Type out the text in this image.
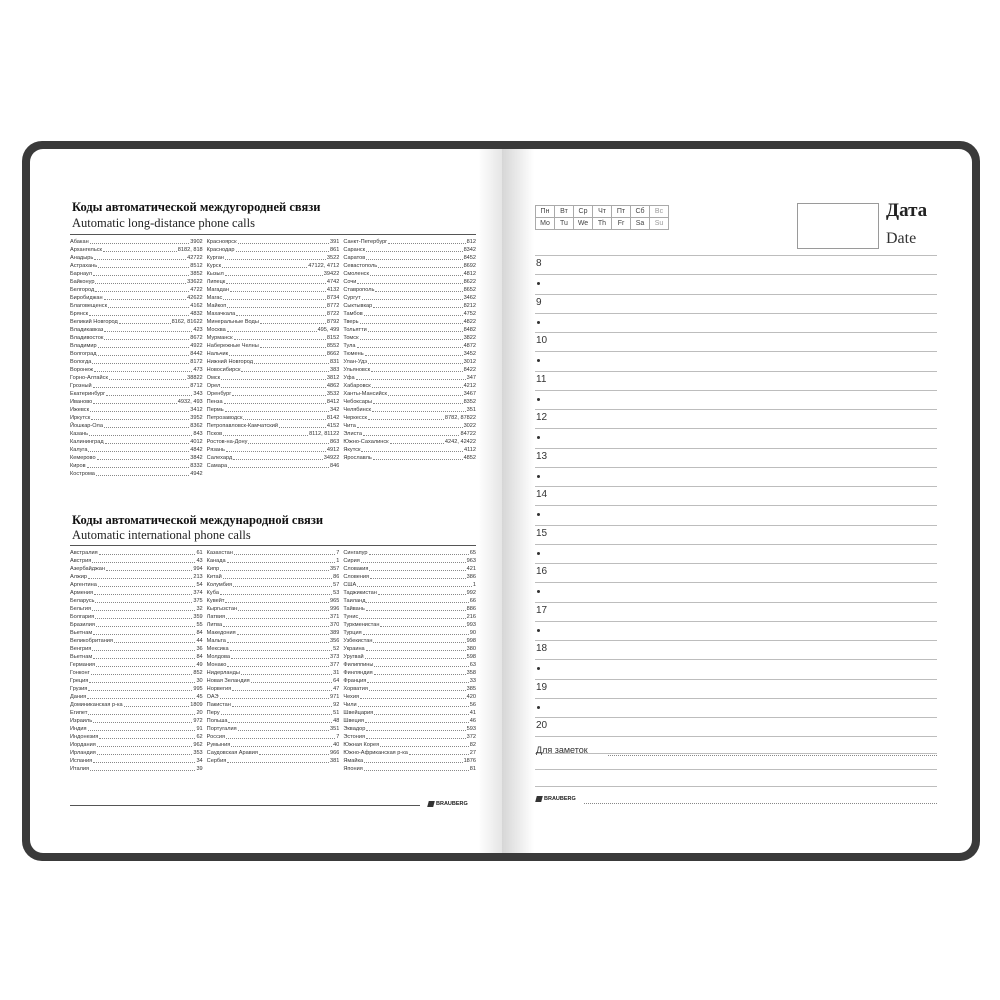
Коды автоматической междугородней связи
Automatic long-distance phone calls
Абакан	3902
Архангельск	8182, 818
Анадырь	42722
Астрахань	8512
Барнаул	3852
Байконур	33622
Белгород	4722
Биробиджан	42622
Благовещенск	4162
Брянск	4832
Великий Новгород	8162, 81622
Владикавказ	423
Владивосток	8672
Владимир	4922
Волгоград	8442
Вологда	8172
Воронеж	473
Горно-Алтайск	38822
Грозный	8712
Екатеринбург	343
Иваново	4932, 493
Ижевск	3412
Иркутск	3952
Йошкар-Ола	8362
Казань	843
Калининград	4012
Калуга	4842
Кемерово	3842
Киров	8332
Кострома	4942
Красноярск	391
Краснодар	861
Курган	3522
Курск	47122, 4712
Кызыл	39422
Липецк	4742
Магадан	4132
Магас	8734
Майкоп	8772
Махачкала	8722
Минеральные Воды	8792
Москва	495, 499
Мурманск	8152
Набережные Челны	8552
Нальчик	8662
Нижний Новгород	831
Новосибирск	383
Омск	3812
Орел	4862
Оренбург	3532
Пенза	8412
Пермь	342
Петрозаводск	8142
Петропавловск-Камчатский	4152
Псков	8112, 81122
Ростов-на-Дону	863
Рязань	4912
Салехард	34922
Самара	846
Санкт-Петербург	812
Саранск	8342
Саратов	8452
Севастополь	8692
Смоленск	4812
Сочи	8622
Ставрополь	8652
Сургут	3462
Сыктывкар	8212
Тамбов	4752
Тверь	4822
Тольятти	8482
Томск	3822
Тула	4872
Тюмень	3452
Улан-Удэ	3012
Ульяновск	8422
Уфа	347
Хабаровск	4212
Ханты-Мансийск	3467
Чебоксары	8352
Челябинск	351
Черкесск	8782, 87822
Чита	3022
Элиста	84722
Южно-Сахалинск	4242, 42422
Якутск	4112
Ярославль	4852
Коды автоматической международной связи
Automatic international phone calls
Австралия	61
Австрия	43
Азербайджан	994
Алжир	213
Аргентина	54
Армения	374
Беларусь	375
Бельгия	32
Болгария	359
Бразилия	55
Вьетнам	84
Великобритания	44
Венгрия	36
Вьетнам	84
Германия	49
Гонконг	852
Греция	30
Грузия	995
Дания	45
Доминиканская р-ка	1809
Египет	20
Израиль	972
Индия	91
Индонезия	62
Иордания	962
Ирландия	353
Испания	34
Италия	39
Казахстан	7
Канада	1
Кипр	357
Китай	86
Колумбия	57
Куба	53
Кувейт	965
Кыргызстан	996
Латвия	371
Литва	370
Македония	389
Мальта	356
Мексика	52
Молдова	373
Монако	377
Нидерланды	31
Новая Зеландия	64
Норвегия	47
ОАЭ	971
Пакистан	92
Перу	51
Польша	48
Португалия	351
Россия	7
Румыния	40
Саудовская Аравия	966
Сербия	381
Сингапур	65
Сирия	963
Словакия	421
Словения	386
США	1
Таджикистан	992
Таиланд	66
Тайвань	886
Тунис	216
Туркменистан	993
Турция	90
Узбекистан	998
Украина	380
Уругвай	598
Филиппины	63
Финляндия	358
Франция	33
Хорватия	385
Чехия	420
Чили	56
Швейцария	41
Швеция	46
Эквадор	593
Эстония	372
Южная Корея	82
Южно-Африканская р-ка	27
Ямайка	1876
Япония	81
BRAUBERG
Пн	Вт	Ср	Чт	Пт	Сб	Вс
Mo	Tu	We	Th	Fr	Sa	Su
Дата
Date
8
9
10
11
12
13
14
15
16
17
18
19
20
Для заметок
BRAUBERG
